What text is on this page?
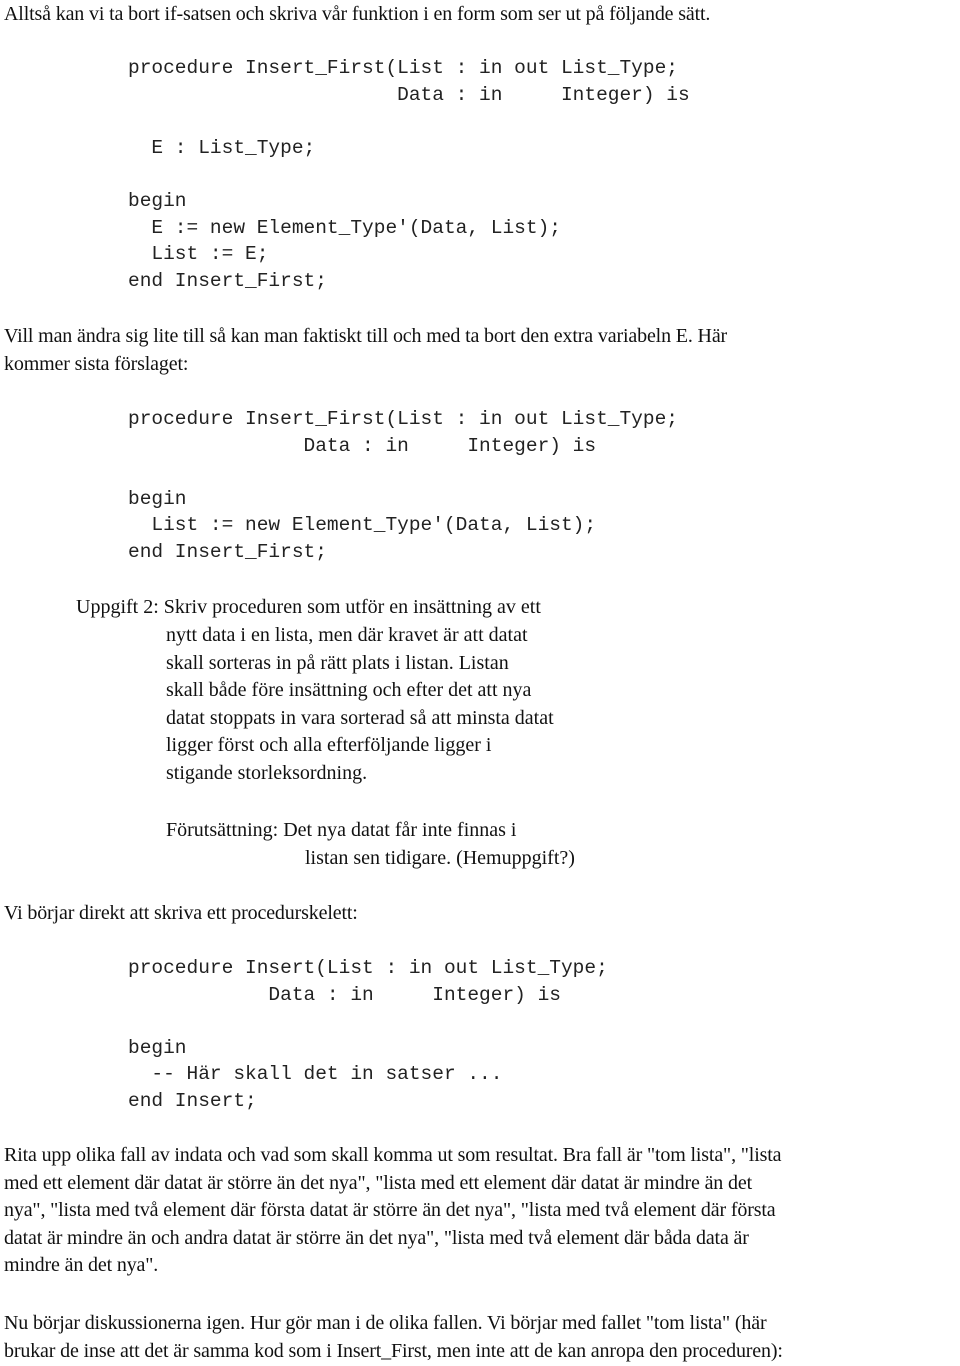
Alltså kan vi ta bort if-satsen och skriva vår funktion i en form som ser ut på följande sätt.
procedure Insert_First(List : in out List_Type;
Data : in     Integer) is

E : List_Type;

begin
E := new Element_Type'(Data, List);
List := E;
end Insert_First;
Vill man ändra sig lite till så kan man faktiskt till och med ta bort den extra variabeln E. Här
kommer sista förslaget:
procedure Insert_First(List : in out List_Type;
Data : in     Integer) is

begin
List := new Element_Type'(Data, List);
end Insert_First;
Uppgift 2: Skriv proceduren som utför en insättning av ett
nytt data i en lista, men där kravet är att datat
skall sorteras in på rätt plats i listan. Listan
skall både före insättning och efter det att nya
datat stoppats in vara sorterad så att minsta datat
ligger först och alla efterföljande ligger i
stigande storleksordning.
Förutsättning: Det nya datat får inte finnas i
listan sen tidigare. (Hemuppgift?)
Vi börjar direkt att skriva ett procedurskelett:
procedure Insert(List : in out List_Type;
Data : in     Integer) is

begin
-- Här skall det in satser ...
end Insert;
Rita upp olika fall av indata och vad som skall komma ut som resultat. Bra fall är "tom lista", "lista
med ett element där datat är större än det nya", "lista med ett element där datat är mindre än det
nya", "lista med två element där första datat är större än det nya", "lista med två element där första
datat är mindre än och andra datat är större än det nya", "lista med två element där båda data är
mindre än det nya".
Nu börjar diskussionerna igen. Hur gör man i de olika fallen. Vi börjar med fallet "tom lista" (här
brukar de inse att det är samma kod som i Insert_First, men inte att de kan anropa den proceduren):
